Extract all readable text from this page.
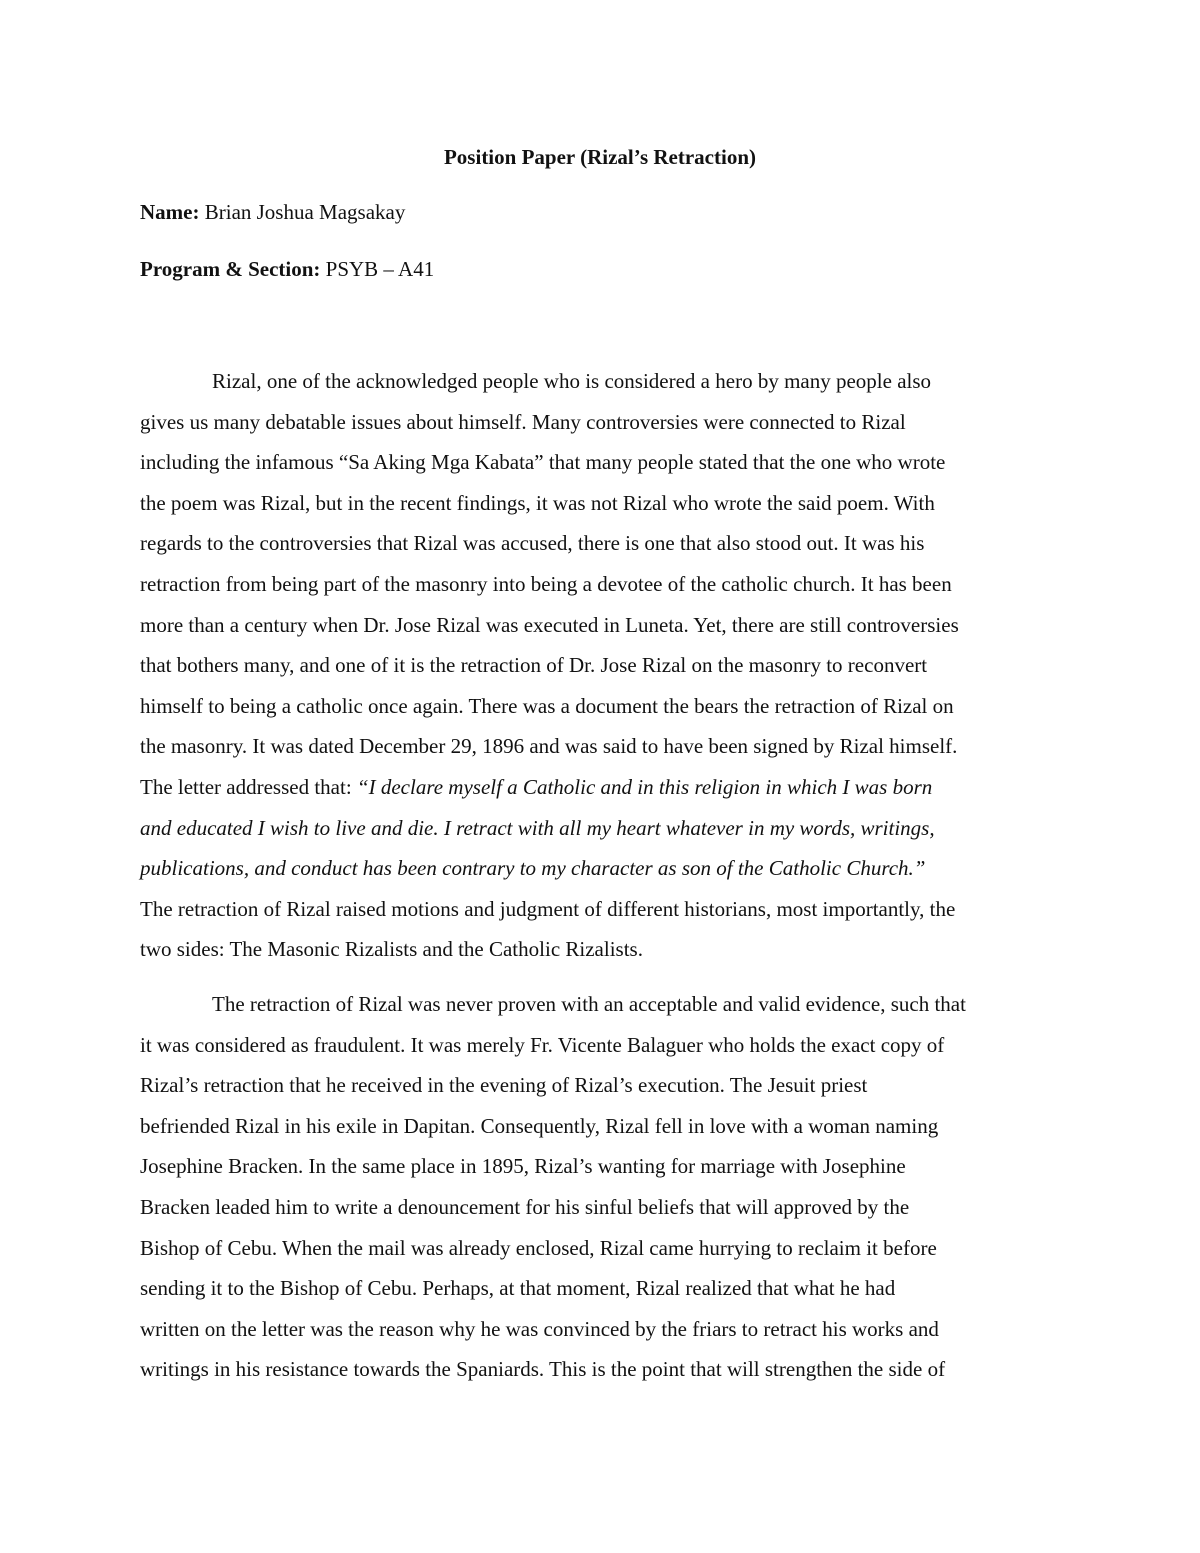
Position Paper (Rizal’s Retraction)
Name: Brian Joshua Magsakay
Program & Section: PSYB – A41
Rizal, one of the acknowledged people who is considered a hero by many people also
gives us many debatable issues about himself. Many controversies were connected to Rizal
including the infamous “Sa Aking Mga Kabata” that many people stated that the one who wrote
the poem was Rizal, but in the recent findings, it was not Rizal who wrote the said poem. With
regards to the controversies that Rizal was accused, there is one that also stood out. It was his
retraction from being part of the masonry into being a devotee of the catholic church. It has been
more than a century when Dr. Jose Rizal was executed in Luneta. Yet, there are still controversies
that bothers many, and one of it is the retraction of Dr. Jose Rizal on the masonry to reconvert
himself to being a catholic once again. There was a document the bears the retraction of Rizal on
the masonry. It was dated December 29, 1896 and was said to have been signed by Rizal himself.
The letter addressed that: “I declare myself a Catholic and in this religion in which I was born
and educated I wish to live and die. I retract with all my heart whatever in my words, writings,
publications, and conduct has been contrary to my character as son of the Catholic Church.”
The retraction of Rizal raised motions and judgment of different historians, most importantly, the
two sides: The Masonic Rizalists and the Catholic Rizalists.
The retraction of Rizal was never proven with an acceptable and valid evidence, such that
it was considered as fraudulent. It was merely Fr. Vicente Balaguer who holds the exact copy of
Rizal’s retraction that he received in the evening of Rizal’s execution. The Jesuit priest
befriended Rizal in his exile in Dapitan. Consequently, Rizal fell in love with a woman naming
Josephine Bracken. In the same place in 1895, Rizal’s wanting for marriage with Josephine
Bracken leaded him to write a denouncement for his sinful beliefs that will approved by the
Bishop of Cebu. When the mail was already enclosed, Rizal came hurrying to reclaim it before
sending it to the Bishop of Cebu. Perhaps, at that moment, Rizal realized that what he had
written on the letter was the reason why he was convinced by the friars to retract his works and
writings in his resistance towards the Spaniards. This is the point that will strengthen the side of
